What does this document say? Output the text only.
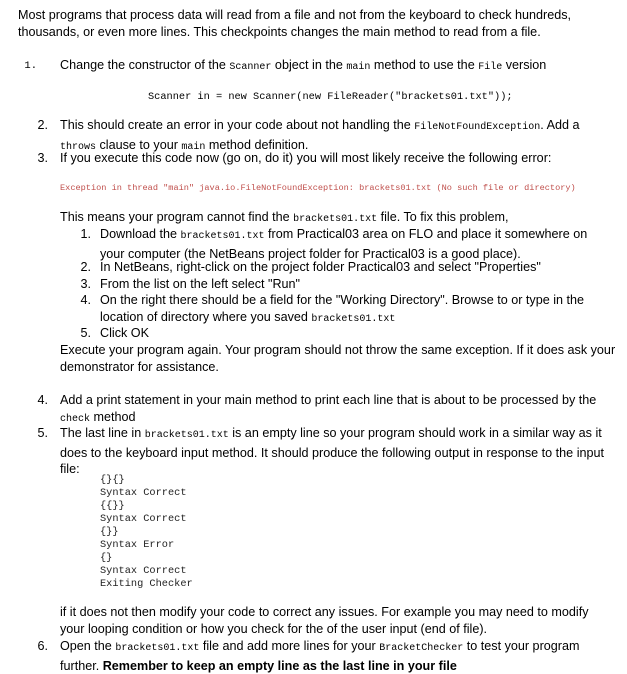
Most programs that process data will read from a file and not from the keyboard to check hundreds,
thousands, or even more lines. This checkpoints changes the main method to read from a file.
1. Change the constructor of the Scanner object in the main method to use the File version
Scanner in = new Scanner(new FileReader("brackets01.txt"));
2. This should create an error in your code about not handling the FileNotFoundException. Add a
throws clause to your main method definition.
3. If you execute this code now (go on, do it) you will most likely receive the following error:
Exception in thread "main" java.io.FileNotFoundException: brackets01.txt (No such file or directory)
This means your program cannot find the brackets01.txt file. To fix this problem,
1. Download the brackets01.txt from Practical03 area on FLO and place it somewhere on
your computer (the NetBeans project folder for Practical03 is a good place).
2. In NetBeans, right-click on the project folder Practical03 and select "Properties"
3. From the list on the left select "Run"
4. On the right there should be a field for the "Working Directory". Browse to or type in the
location of directory where you saved brackets01.txt
5. Click OK
Execute your program again. Your program should not throw the same exception. If it does ask your
demonstrator for assistance.
4. Add a print statement in your main method to print each line that is about to be processed by the
check method
5. The last line in brackets01.txt is an empty line so your program should work in a similar way as it
does to the keyboard input method. It should produce the following output in response to the input
file:
{}{}
Syntax Correct
{{}}
Syntax Correct
{}}
Syntax Error
{}
Syntax Correct
Exiting Checker
if it does not then modify your code to correct any issues. For example you may need to modify
your looping condition or how you check for the of the user input (end of file).
6. Open the brackets01.txt file and add more lines for your BracketChecker to test your program
further. Remember to keep an empty line as the last line in your file
